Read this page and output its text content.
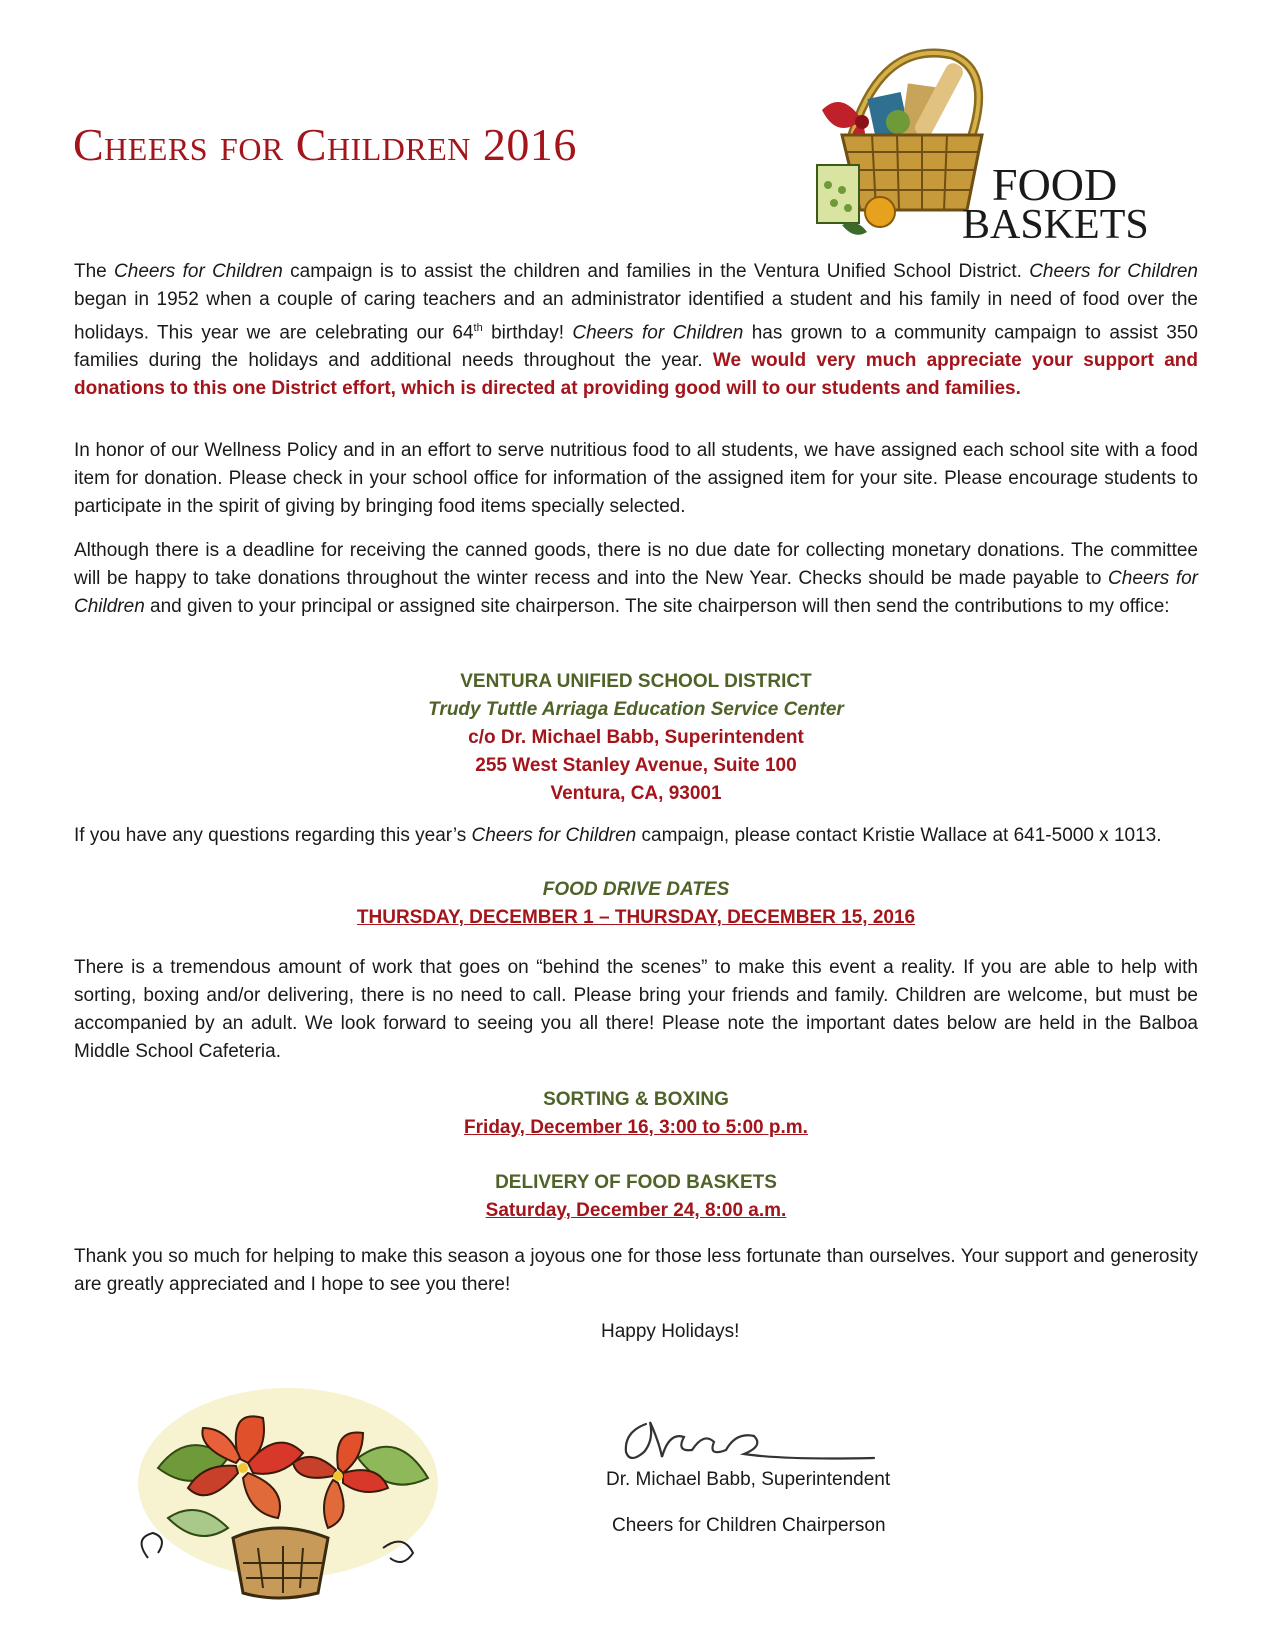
Cheers for Children 2016
FOOD
BASKETS

The Cheers for Children campaign is to assist the children and families in the Ventura Unified School District. Cheers for Children began in 1952 when a couple of caring teachers and an administrator identified a student and his family in need of food over the holidays. This year we are celebrating our 64th birthday! Cheers for Children has grown to a community campaign to assist 350 families during the holidays and additional needs throughout the year. We would very much appreciate your support and donations to this one District effort, which is directed at providing good will to our students and families.

In honor of our Wellness Policy and in an effort to serve nutritious food to all students, we have assigned each school site with a food item for donation. Please check in your school office for information of the assigned item for your site. Please encourage students to participate in the spirit of giving by bringing food items specially selected.

Although there is a deadline for receiving the canned goods, there is no due date for collecting monetary donations. The committee will be happy to take donations throughout the winter recess and into the New Year. Checks should be made payable to Cheers for Children and given to your principal or assigned site chairperson. The site chairperson will then send the contributions to my office:

VENTURA UNIFIED SCHOOL DISTRICT
Trudy Tuttle Arriaga Education Service Center
c/o Dr. Michael Babb, Superintendent
255 West Stanley Avenue, Suite 100
Ventura, CA, 93001

If you have any questions regarding this year’s Cheers for Children campaign, please contact Kristie Wallace at 641-5000 x 1013.

FOOD DRIVE DATES
THURSDAY, DECEMBER 1 – THURSDAY, DECEMBER 15, 2016

There is a tremendous amount of work that goes on “behind the scenes” to make this event a reality. If you are able to help with sorting, boxing and/or delivering, there is no need to call. Please bring your friends and family. Children are welcome, but must be accompanied by an adult. We look forward to seeing you all there! Please note the important dates below are held in the Balboa Middle School Cafeteria.

SORTING & BOXING
Friday, December 16, 3:00 to 5:00 p.m.
DELIVERY OF FOOD BASKETS
Saturday, December 24, 8:00 a.m.

Thank you so much for helping to make this season a joyous one for those less fortunate than ourselves. Your support and generosity are greatly appreciated and I hope to see you there!

Happy Holidays!
Dr. Michael Babb, Superintendent
Cheers for Children Chairperson
